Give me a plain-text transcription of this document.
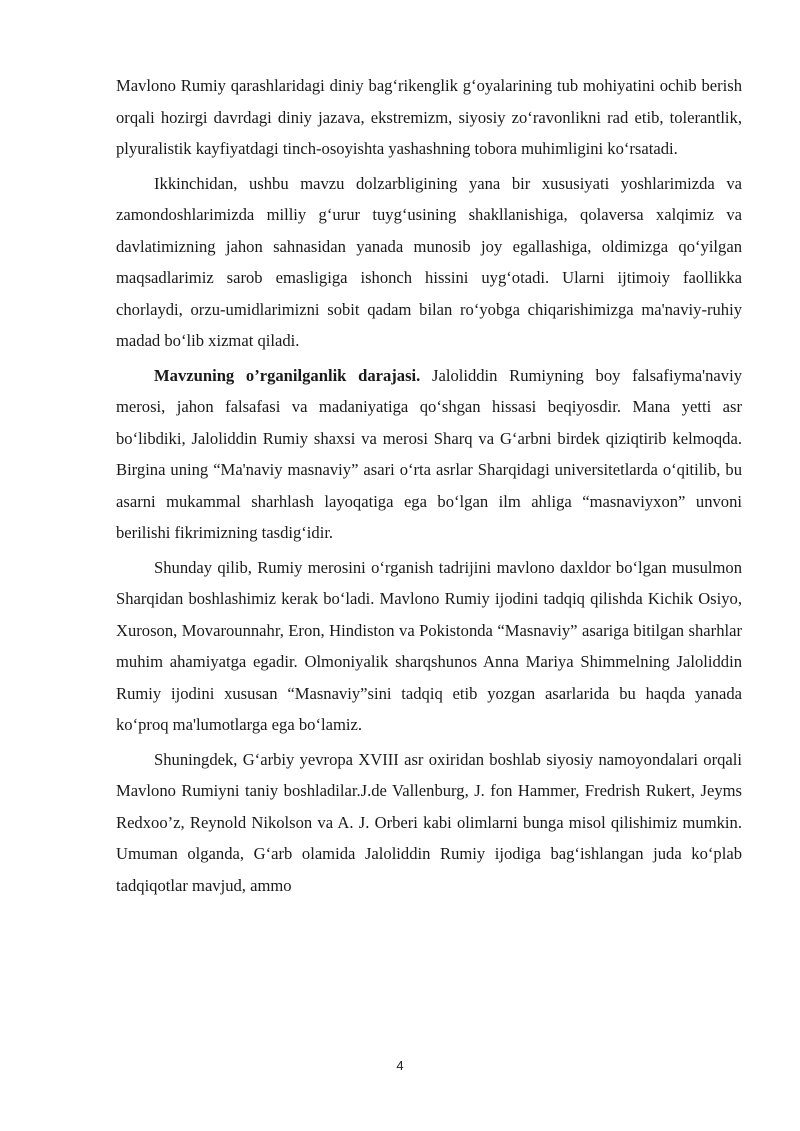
Mavlono Rumiy qarashlaridagi diniy bag‘rikenglik g‘oyalarining tub mohiyatini ochib berish orqali hozirgi davrdagi diniy jazava, ekstremizm, siyosiy zo‘ravonlikni rad etib, tolerantlik, plyuralistik kayfiyatdagi tinch-osoyishta yashashning tobora muhimligini ko‘rsatadi.

Ikkinchidan, ushbu mavzu dolzarbligining yana bir xususiyati yoshlarimizda va zamondoshlarimizda milliy g‘urur tuyg‘usining shakllanishiga, qolaversa xalqimiz va davlatimizning jahon sahnasidan yanada munosib joy egallashiga, oldimizga qo‘yilgan maqsadlarimiz sarob emasligiga ishonch hissini uyg‘otadi. Ularni ijtimoiy faollikka chorlaydi, orzu-umidlarimizni sobit qadam bilan ro‘yobga chiqarishimizga ma'naviy-ruhiy madad bo‘lib xizmat qiladi.

Mavzuning o’rganilganlik darajasi. Jaloliddin Rumiyning boy falsafiyma'naviy merosi, jahon falsafasi va madaniyatiga qo‘shgan hissasi beqiyosdir. Mana yetti asr bo‘libdiki, Jaloliddin Rumiy shaxsi va merosi Sharq va G‘arbni birdek qiziqtirib kelmoqda. Birgina uning “Ma'naviy masnaviy” asari o‘rta asrlar Sharqidagi universitetlarda o‘qitilib, bu asarni mukammal sharhlash layoqatiga ega bo‘lgan ilm ahliga “masnaviyxon” unvoni berilishi fikrimizning tasdig‘idir.

Shunday qilib, Rumiy merosini o‘rganish tadrijini mavlono daxldor bo‘lgan musulmon Sharqidan boshlashimiz kerak bo‘ladi. Mavlono Rumiy ijodini tadqiq qilishda Kichik Osiyo, Xuroson, Movarounnahr, Eron, Hindiston va Pokistonda “Masnaviy” asariga bitilgan sharhlar muhim ahamiyatga egadir. Olmoniyalik sharqshunos Anna Mariya Shimmelning Jaloliddin Rumiy ijodini xususan “Masnaviy”sini tadqiq etib yozgan asarlarida bu haqda yanada ko‘proq ma'lumotlarga ega bo‘lamiz.

Shuningdek, G‘arbiy yevropa XVIII asr oxiridan boshlab siyosiy namoyondalari orqali Mavlono Rumiyni taniy boshladilar.J.de Vallenburg, J. fon Hammer, Fredrish Rukert, Jeyms Redxoo’z, Reynold Nikolson va A. J. Orberi kabi olimlarni bunga misol qilishimiz mumkin. Umuman olganda, G‘arb olamida Jaloliddin Rumiy ijodiga bag‘ishlangan juda ko‘plab tadqiqotlar mavjud, ammo

4
